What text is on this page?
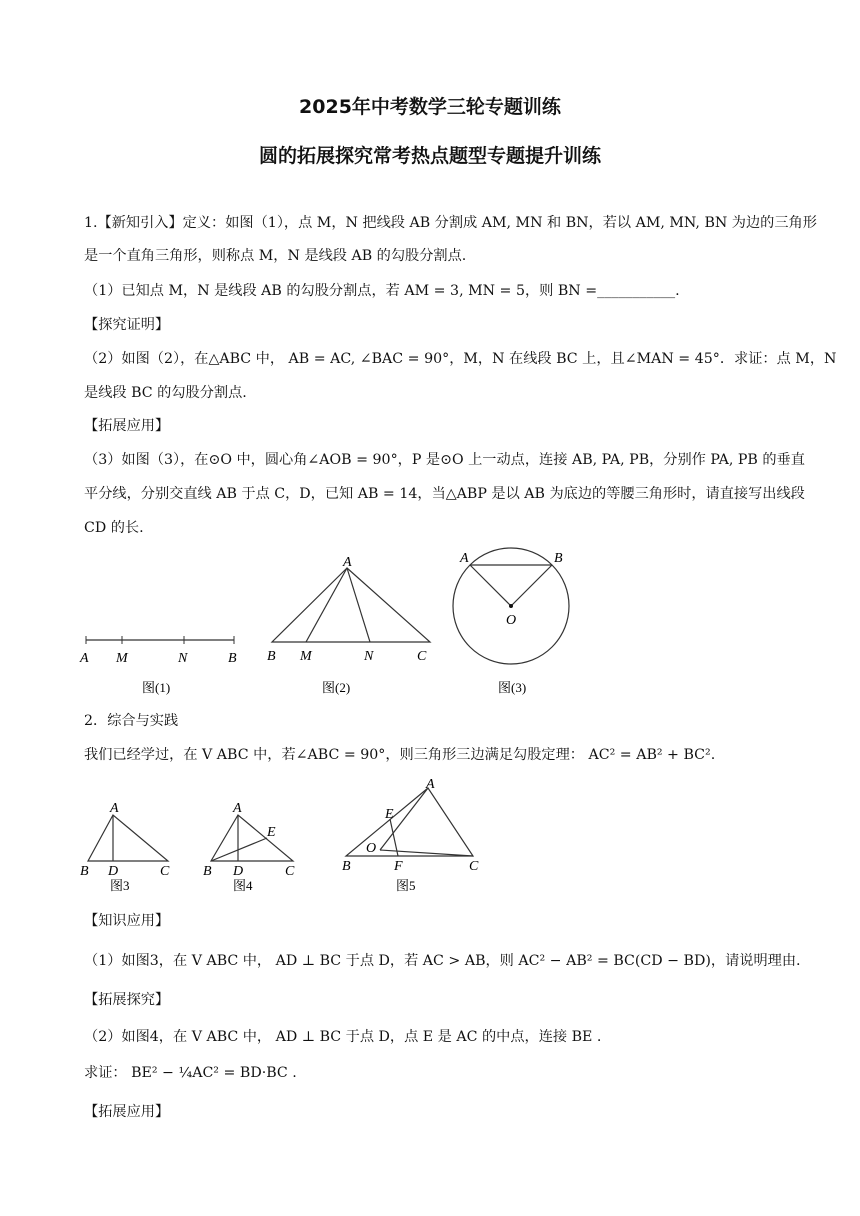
2025年中考数学三轮专题训练
圆的拓展探究常考热点题型专题提升训练
1.【新知引入】定义：如图（1），点 M，N 把线段 AB 分割成 AM, MN 和 BN，若以 AM, MN, BN 为边的三角形
是一个直角三角形，则称点 M，N 是线段 AB 的勾股分割点.
（1）已知点 M，N 是线段 AB 的勾股分割点，若 AM = 3, MN = 5，则 BN =___________.
【探究证明】
（2）如图（2），在△ABC 中， AB = AC, ∠BAC = 90°，M，N 在线段 BC 上，且∠MAN = 45°．求证：点 M，N
是线段 BC 的勾股分割点.
【拓展应用】
（3）如图（3），在⊙O 中，圆心角∠AOB = 90°，P 是⊙O 上一动点，连接 AB, PA, PB，分别作 PA, PB 的垂直
平分线，分别交直线 AB 于点 C，D，已知 AB = 14，当△ABP 是以 AB 为底边的等腰三角形时，请直接写出线段
CD 的长.
A M	N	B
图(1)
A
B M	N	C
图(2)
A	B
O
图(3)
2．综合与实践
我们已经学过，在 V ABC 中，若∠ABC = 90°，则三角形三边满足勾股定理： AC² = AB² + BC².
A
B D	C
图3
A
E
B D	C
图4
A
E
O
B	F	C
图5
【知识应用】
（1）如图3，在 V ABC 中， AD ⊥ BC 于点 D，若 AC > AB，则 AC² − AB² = BC(CD − BD)，请说明理由.
【拓展探究】
（2）如图4，在 V ABC 中， AD ⊥ BC 于点 D，点 E 是 AC 的中点，连接 BE .
求证： BE² − ¼AC² = BD·BC .
【拓展应用】
